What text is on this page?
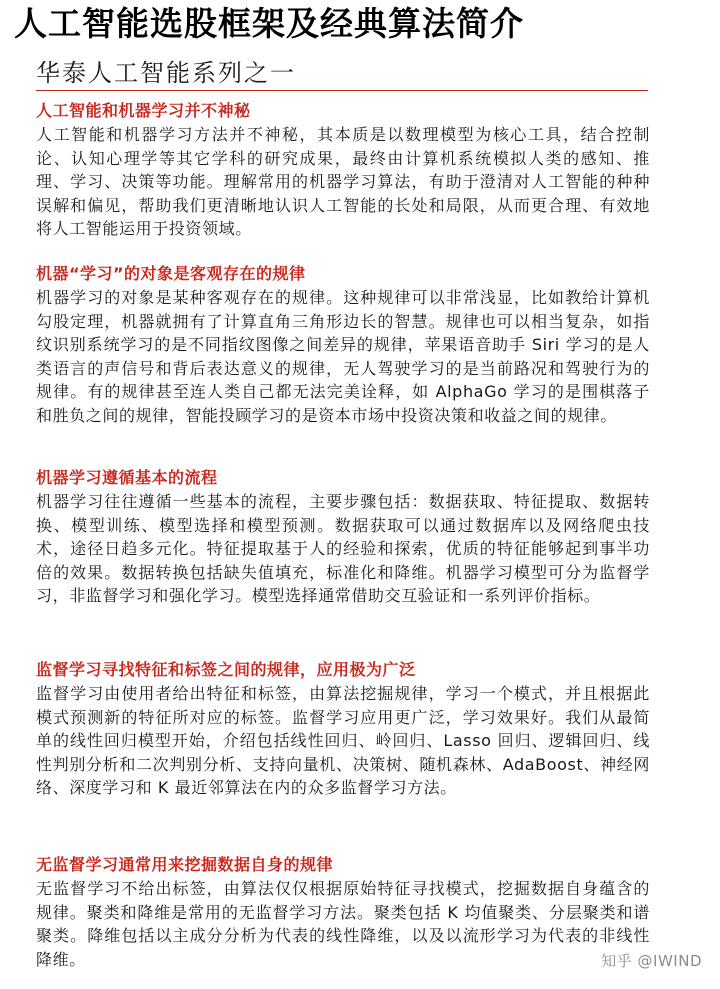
人工智能选股框架及经典算法简介
华泰人工智能系列之一
人工智能和机器学习并不神秘
人工智能和机器学习方法并不神秘，其本质是以数理模型为核心工具，结合控制论、认知心理学等其它学科的研究成果，最终由计算机系统模拟人类的感知、推理、学习、决策等功能。理解常用的机器学习算法，有助于澄清对人工智能的种种误解和偏见，帮助我们更清晰地认识人工智能的长处和局限，从而更合理、有效地将人工智能运用于投资领域。
机器“学习”的对象是客观存在的规律
机器学习的对象是某种客观存在的规律。这种规律可以非常浅显，比如教给计算机勾股定理，机器就拥有了计算直角三角形边长的智慧。规律也可以相当复杂，如指纹识别系统学习的是不同指纹图像之间差异的规律，苹果语音助手 Siri 学习的是人类语言的声信号和背后表达意义的规律，无人驾驶学习的是当前路况和驾驶行为的规律。有的规律甚至连人类自己都无法完美诠释，如 AlphaGo 学习的是围棋落子和胜负之间的规律，智能投顾学习的是资本市场中投资决策和收益之间的规律。
机器学习遵循基本的流程
机器学习往往遵循一些基本的流程，主要步骤包括：数据获取、特征提取、数据转换、模型训练、模型选择和模型预测。数据获取可以通过数据库以及网络爬虫技术，途径日趋多元化。特征提取基于人的经验和探索，优质的特征能够起到事半功倍的效果。数据转换包括缺失值填充，标准化和降维。机器学习模型可分为监督学习，非监督学习和强化学习。模型选择通常借助交互验证和一系列评价指标。
监督学习寻找特征和标签之间的规律，应用极为广泛
监督学习由使用者给出特征和标签，由算法挖掘规律，学习一个模式，并且根据此模式预测新的特征所对应的标签。监督学习应用更广泛，学习效果好。我们从最简单的线性回归模型开始，介绍包括线性回归、岭回归、Lasso 回归、逻辑回归、线性判别分析和二次判别分析、支持向量机、决策树、随机森林、AdaBoost、神经网络、深度学习和 K 最近邻算法在内的众多监督学习方法。
无监督学习通常用来挖掘数据自身的规律
无监督学习不给出标签，由算法仅仅根据原始特征寻找模式，挖掘数据自身蕴含的规律。聚类和降维是常用的无监督学习方法。聚类包括 K 均值聚类、分层聚类和谱聚类。降维包括以主成分分析为代表的线性降维，以及以流形学习为代表的非线性降维。	知乎 @IWIND
